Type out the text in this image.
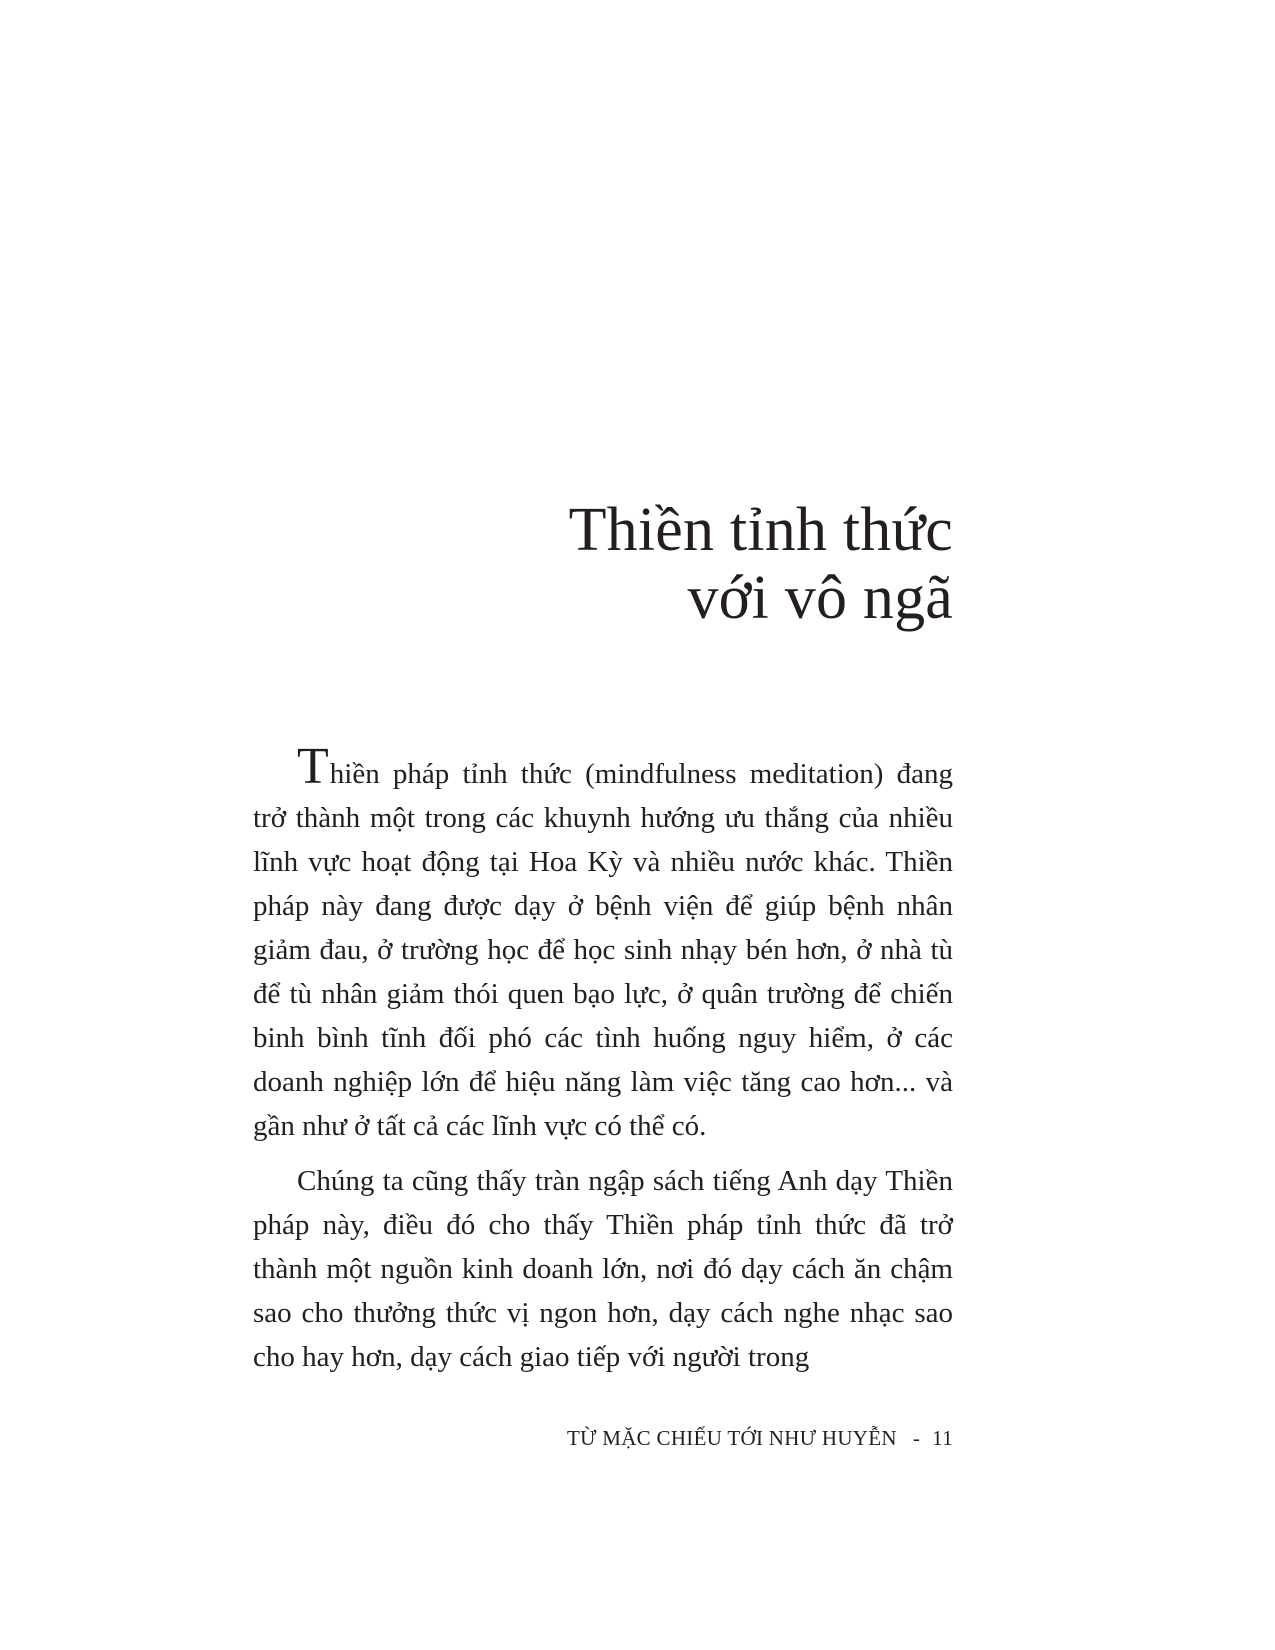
Thiền tỉnh thức
với vô ngã

Thiền pháp tỉnh thức (mindfulness meditation) đang trở thành một trong các khuynh hướng ưu thắng của nhiều lĩnh vực hoạt động tại Hoa Kỳ và nhiều nước khác. Thiền pháp này đang được dạy ở bệnh viện để giúp bệnh nhân giảm đau, ở trường học để học sinh nhạy bén hơn, ở nhà tù để tù nhân giảm thói quen bạo lực, ở quân trường để chiến binh bình tĩnh đối phó các tình huống nguy hiểm, ở các doanh nghiệp lớn để hiệu năng làm việc tăng cao hơn... và gần như ở tất cả các lĩnh vực có thể có.

Chúng ta cũng thấy tràn ngập sách tiếng Anh dạy Thiền pháp này, điều đó cho thấy Thiền pháp tỉnh thức đã trở thành một nguồn kinh doanh lớn, nơi đó dạy cách ăn chậm sao cho thưởng thức vị ngon hơn, dạy cách nghe nhạc sao cho hay hơn, dạy cách giao tiếp với người trong

TỪ MẶC CHIẾU TỚI NHƯ HUYỄN - 11
